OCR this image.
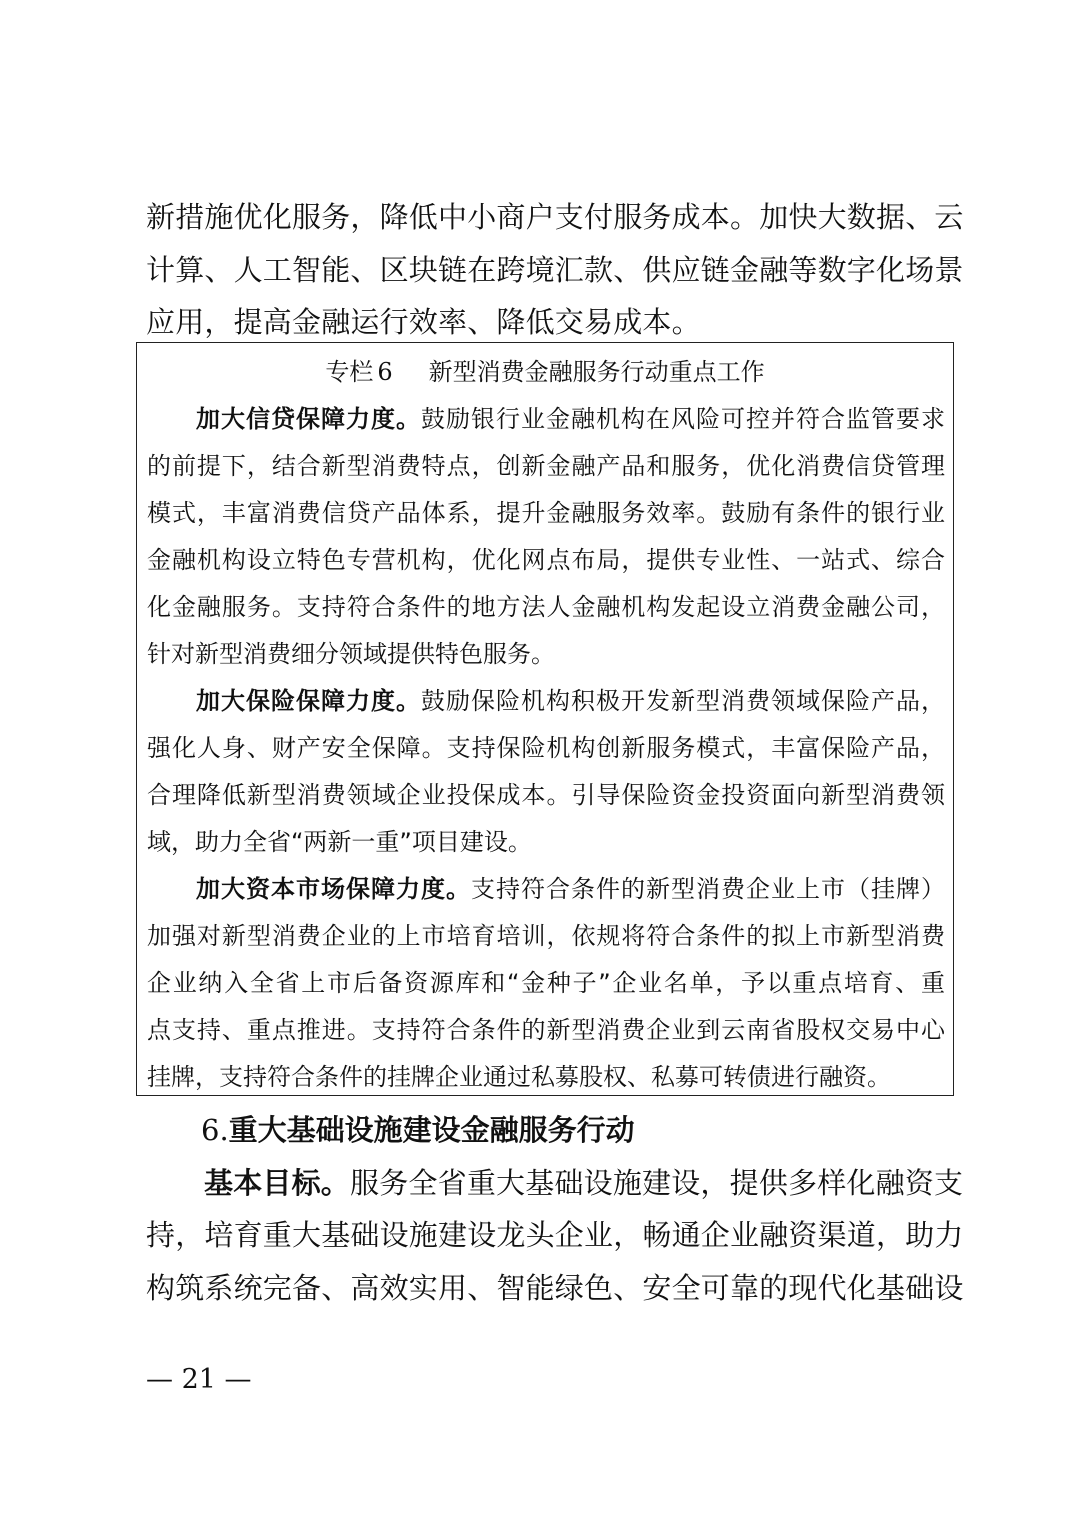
新措施优化服务，降低中小商户支付服务成本。加快大数据、云
计算、人工智能、区块链在跨境汇款、供应链金融等数字化场景
应用，提高金融运行效率、降低交易成本。
专栏 6 新型消费金融服务行动重点工作
加大信贷保障力度。鼓励银行业金融机构在风险可控并符合监管要求
的前提下，结合新型消费特点，创新金融产品和服务，优化消费信贷管理
模式，丰富消费信贷产品体系，提升金融服务效率。鼓励有条件的银行业
金融机构设立特色专营机构，优化网点布局，提供专业性、一站式、综合
化金融服务。支持符合条件的地方法人金融机构发起设立消费金融公司，
针对新型消费细分领域提供特色服务。
加大保险保障力度。鼓励保险机构积极开发新型消费领域保险产品，
强化人身、财产安全保障。支持保险机构创新服务模式，丰富保险产品，
合理降低新型消费领域企业投保成本。引导保险资金投资面向新型消费领
域，助力全省“两新一重”项目建设。
加大资本市场保障力度。支持符合条件的新型消费企业上市（挂牌）
加强对新型消费企业的上市培育培训，依规将符合条件的拟上市新型消费
企业纳入全省上市后备资源库和“金种子”企业名单，予以重点培育、重
点支持、重点推进。支持符合条件的新型消费企业到云南省股权交易中心
挂牌，支持符合条件的挂牌企业通过私募股权、私募可转债进行融资。
6.重大基础设施建设金融服务行动
基本目标。服务全省重大基础设施建设，提供多样化融资支
持，培育重大基础设施建设龙头企业，畅通企业融资渠道，助力
构筑系统完备、高效实用、智能绿色、安全可靠的现代化基础设
— 21 —
